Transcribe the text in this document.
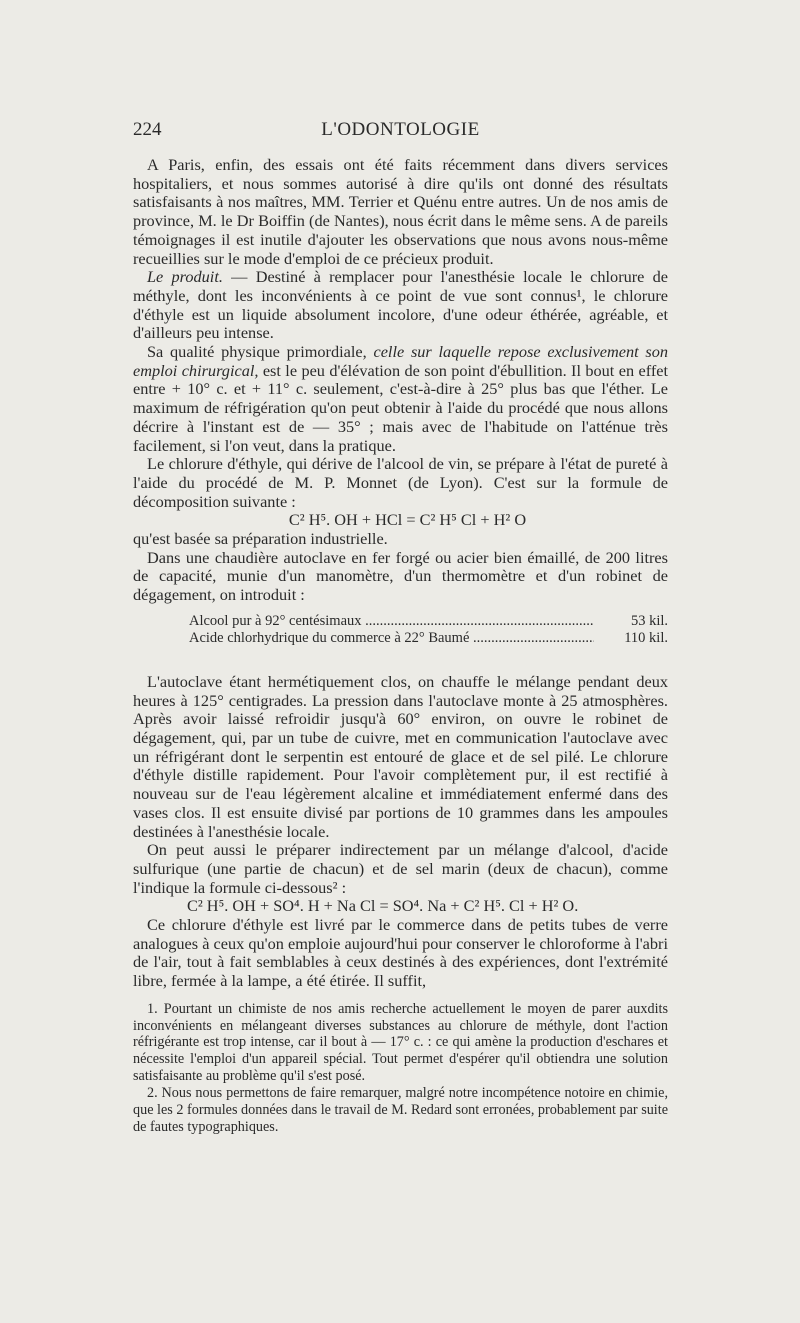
224	L'ODONTOLOGIE

A Paris, enfin, des essais ont été faits récemment dans divers services hospitaliers, et nous sommes autorisé à dire qu'ils ont donné des résultats satisfaisants à nos maîtres, MM. Terrier et Quénu entre autres. Un de nos amis de province, M. le Dr Boiffin (de Nantes), nous écrit dans le même sens. A de pareils témoignages il est inutile d'ajouter les observations que nous avons nous-même recueillies sur le mode d'emploi de ce précieux produit.

Le produit. — Destiné à remplacer pour l'anesthésie locale le chlorure de méthyle, dont les inconvénients à ce point de vue sont connus¹, le chlorure d'éthyle est un liquide absolument incolore, d'une odeur éthérée, agréable, et d'ailleurs peu intense.

Sa qualité physique primordiale, celle sur laquelle repose exclusivement son emploi chirurgical, est le peu d'élévation de son point d'ébullition. Il bout en effet entre + 10° c. et + 11° c. seulement, c'est-à-dire à 25° plus bas que l'éther. Le maximum de réfrigération qu'on peut obtenir à l'aide du procédé que nous allons décrire à l'instant est de — 35° ; mais avec de l'habitude on l'atténue très facilement, si l'on veut, dans la pratique.

Le chlorure d'éthyle, qui dérive de l'alcool de vin, se prépare à l'état de pureté à l'aide du procédé de M. P. Monnet (de Lyon). C'est sur la formule de décomposition suivante :

C² H⁵. OH + HCl = C² H⁵ Cl + H² O

qu'est basée sa préparation industrielle.

Dans une chaudière autoclave en fer forgé ou acier bien émaillé, de 200 litres de capacité, munie d'un manomètre, d'un thermomètre et d'un robinet de dégagement, on introduit :

Alcool pur à 92° centésimaux .....	53 kil.
Acide chlorhydrique du commerce à 22° Baumé .....	110 kil.

L'autoclave étant hermétiquement clos, on chauffe le mélange pendant deux heures à 125° centigrades. La pression dans l'autoclave monte à 25 atmosphères. Après avoir laissé refroidir jusqu'à 60° environ, on ouvre le robinet de dégagement, qui, par un tube de cuivre, met en communication l'autoclave avec un réfrigérant dont le serpentin est entouré de glace et de sel pilé. Le chlorure d'éthyle distille rapidement. Pour l'avoir complètement pur, il est rectifié à nouveau sur de l'eau légèrement alcaline et immédiatement enfermé dans des vases clos. Il est ensuite divisé par portions de 10 grammes dans les ampoules destinées à l'anesthésie locale.

On peut aussi le préparer indirectement par un mélange d'alcool, d'acide sulfurique (une partie de chacun) et de sel marin (deux de chacun), comme l'indique la formule ci-dessous² :

C² H⁵. OH + SO⁴. H + Na Cl = SO⁴. Na + C² H⁵. Cl + H² O.

Ce chlorure d'éthyle est livré par le commerce dans de petits tubes de verre analogues à ceux qu'on emploie aujourd'hui pour conserver le chloroforme à l'abri de l'air, tout à fait semblables à ceux destinés à des expériences, dont l'extrémité libre, fermée à la lampe, a été étirée. Il suffit,

1. Pourtant un chimiste de nos amis recherche actuellement le moyen de parer auxdits inconvénients en mélangeant diverses substances au chlorure de méthyle, dont l'action réfrigérante est trop intense, car il bout à — 17° c. : ce qui amène la production d'eschares et nécessite l'emploi d'un appareil spécial. Tout permet d'espérer qu'il obtiendra une solution satisfaisante au problème qu'il s'est posé.

2. Nous nous permettons de faire remarquer, malgré notre incompétence notoire en chimie, que les 2 formules données dans le travail de M. Redard sont erronées, probablement par suite de fautes typographiques.
